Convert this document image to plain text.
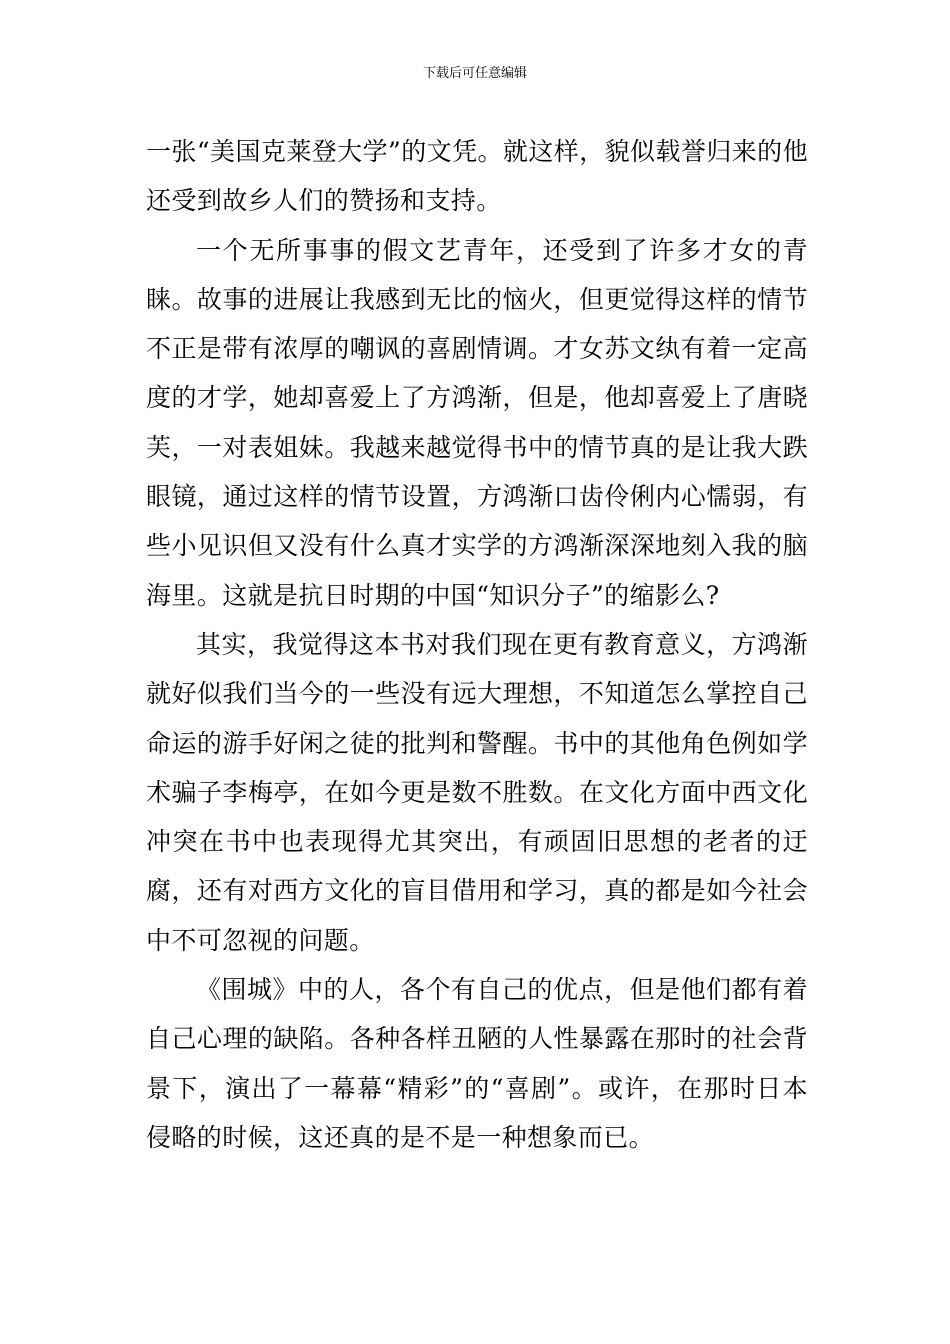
下载后可任意编辑

一张“美国克莱登大学”的文凭。就这样，貌似载誉归来的他还受到故乡人们的赞扬和支持。

一个无所事事的假文艺青年，还受到了许多才女的青睐。故事的进展让我感到无比的恼火，但更觉得这样的情节不正是带有浓厚的嘲讽的喜剧情调。才女苏文纨有着一定高度的才学，她却喜爱上了方鸿渐，但是，他却喜爱上了唐晓芙，一对表姐妹。我越来越觉得书中的情节真的是让我大跌眼镜，通过这样的情节设置，方鸿渐口齿伶俐内心懦弱，有些小见识但又没有什么真才实学的方鸿渐深深地刻入我的脑海里。这就是抗日时期的中国“知识分子”的缩影么?

其实，我觉得这本书对我们现在更有教育意义，方鸿渐就好似我们当今的一些没有远大理想，不知道怎么掌控自己命运的游手好闲之徒的批判和警醒。书中的其他角色例如学术骗子李梅亭，在如今更是数不胜数。在文化方面中西文化冲突在书中也表现得尤其突出，有顽固旧思想的老者的迂腐，还有对西方文化的盲目借用和学习，真的都是如今社会中不可忽视的问题。

《围城》中的人，各个有自己的优点，但是他们都有着自己心理的缺陷。各种各样丑陋的人性暴露在那时的社会背景下，演出了一幕幕“精彩”的“喜剧”。或许，在那时日本侵略的时候，这还真的是不是一种想象而已。
